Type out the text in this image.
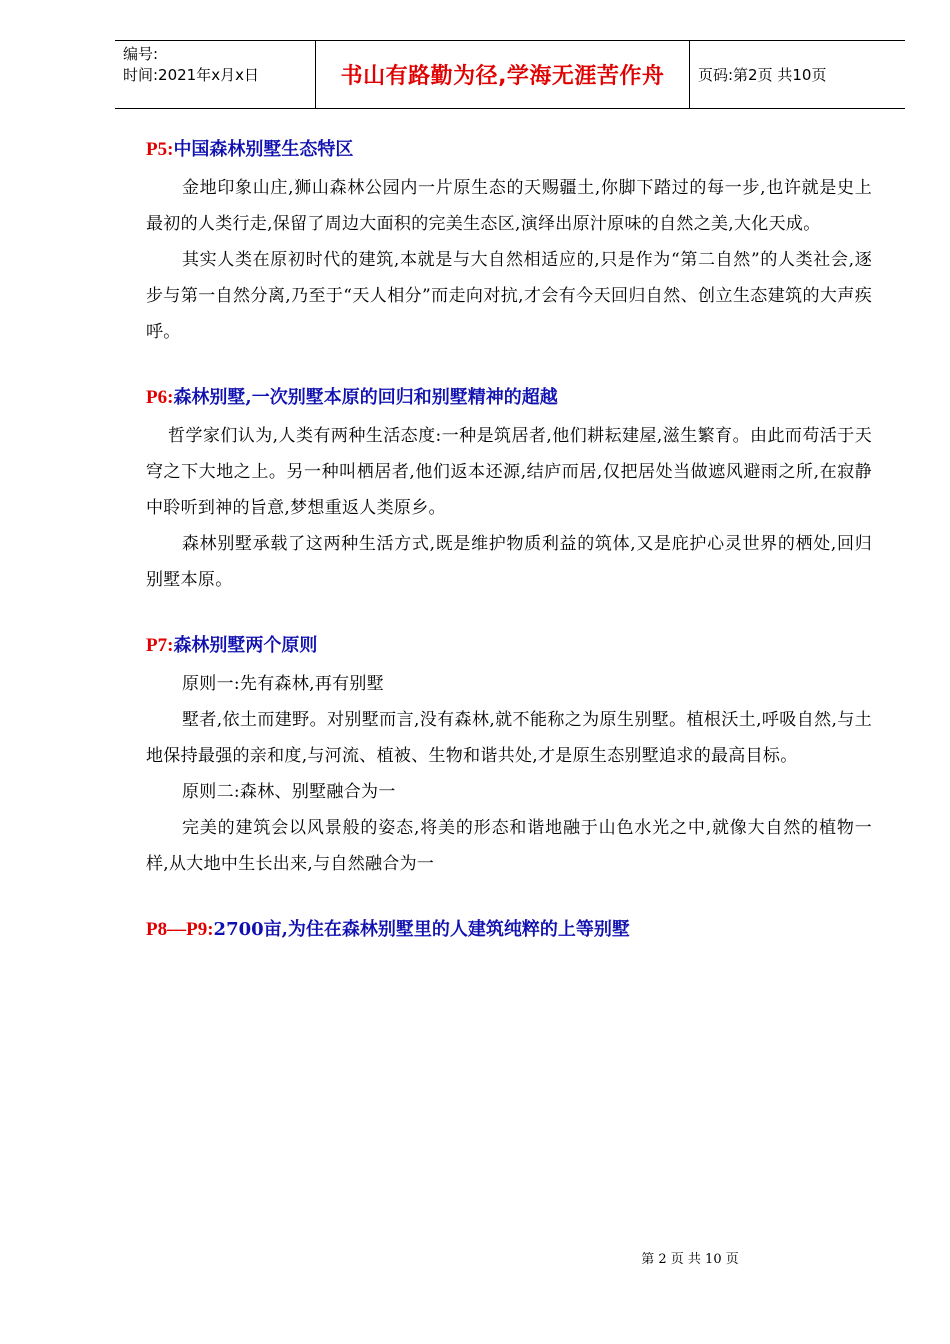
编号:
时间:2021年x月x日	书山有路勤为径,学海无涯苦作舟 页码:第2页 共10页
P5:中国森林别墅生态特区

金地印象山庄,狮山森林公园内一片原生态的天赐疆土,你脚下踏过的每一步,也许就是史上最初的人类行走,保留了周边大面积的完美生态区,演绎出原汁原味的自然之美,大化天成。

其实人类在原初时代的建筑,本就是与大自然相适应的,只是作为“第二自然”的人类社会,逐步与第一自然分离,乃至于“天人相分”而走向对抗,才会有今天回归自然、创立生态建筑的大声疾呼。

P6:森林别墅,一次别墅本原的回归和别墅精神的超越

哲学家们认为,人类有两种生活态度:一种是筑居者,他们耕耘建屋,滋生繁育。由此而苟活于天穹之下大地之上。另一种叫栖居者,他们返本还源,结庐而居,仅把居处当做遮风避雨之所,在寂静中聆听到神的旨意,梦想重返人类原乡。

森林别墅承载了这两种生活方式,既是维护物质利益的筑体,又是庇护心灵世界的栖处,回归别墅本原。

P7:森林别墅两个原则

原则一:先有森林,再有别墅

墅者,依土而建野。对别墅而言,没有森林,就不能称之为原生别墅。植根沃土,呼吸自然,与土地保持最强的亲和度,与河流、植被、生物和谐共处,才是原生态别墅追求的最高目标。

原则二:森林、别墅融合为一

完美的建筑会以风景般的姿态,将美的形态和谐地融于山色水光之中,就像大自然的植物一样,从大地中生长出来,与自然融合为一

P8—P9:2700亩,为住在森林别墅里的人建筑纯粹的上等别墅
第 2 页 共 10 页
